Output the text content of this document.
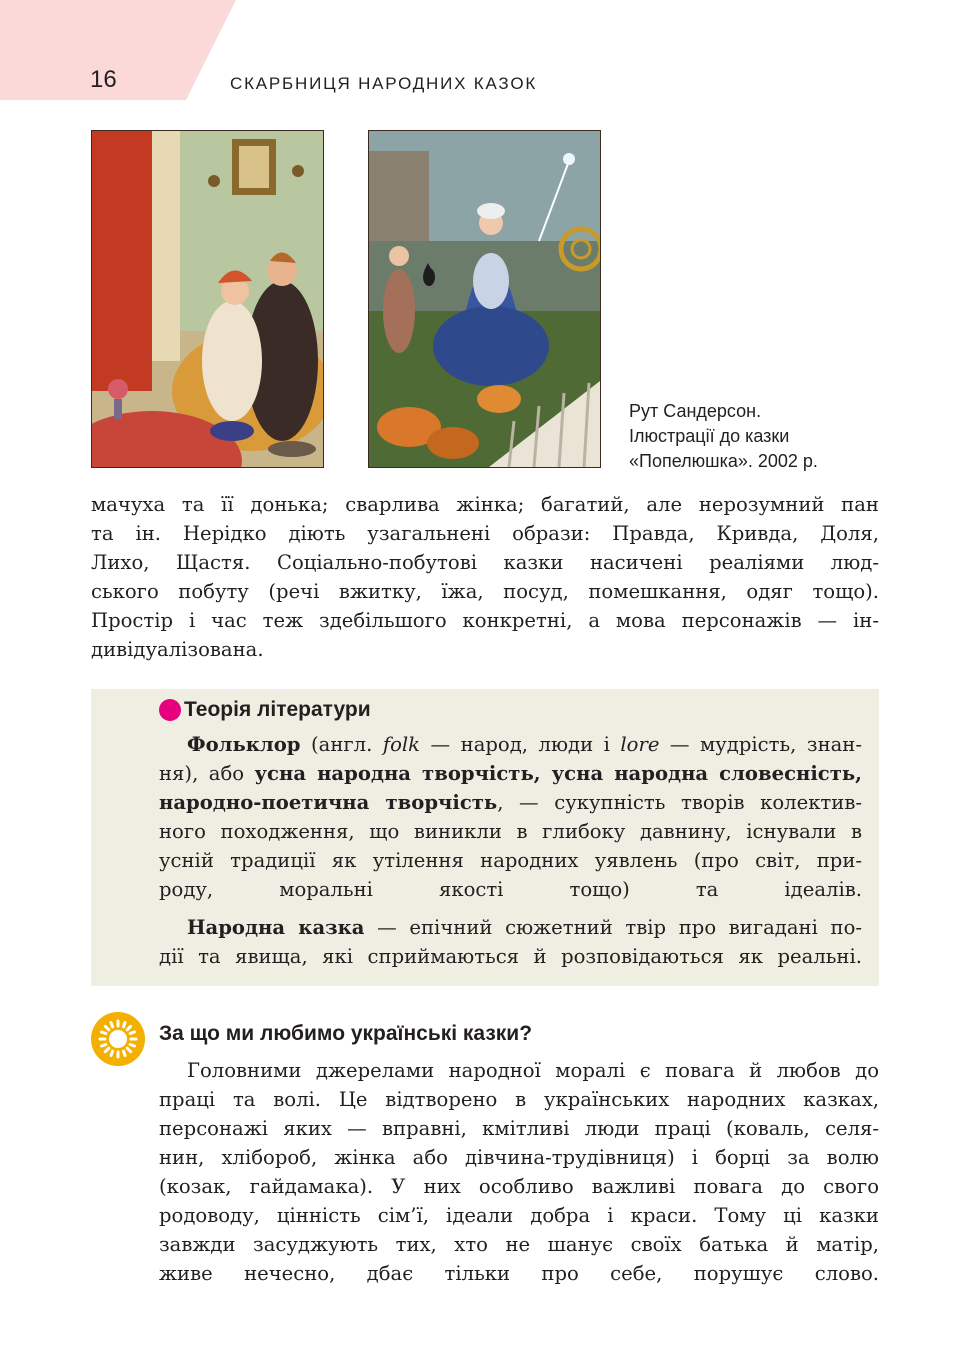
16	СКАРБНИЦЯ НАРОДНИХ КАЗОК
Рут Сандерсон.
Ілюстрації до казки
«Попелюшка». 2002 р.
мачуха та її донька; сварлива жінка; багатий, але нерозумний пан
та ін. Нерідко діють узагальнені образи: Правда, Кривда, Доля,
Лихо, Щастя. Соціально-побутові казки насичені реаліями люд-
ського побуту (речі вжитку, їжа, посуд, помешкання, одяг тощо).
Простір і час теж здебільшого конкретні, а мова персонажів — ін-
дивідуалізована.
Теорія літератури
Фольклор (англ. folk — народ, люди і lore — мудрість, знан-
ня), або усна народна творчість, усна народна словесність,
народно-поетична творчість, — сукупність творів колектив-
ного походження, що виникли в глибоку давнину, існували в
усній традиції як утілення народних уявлень (про світ, при-
роду, моральні якості тощо) та ідеалів.
Народна казка — епічний сюжетний твір про вигадані по-
дії та явища, які сприймаються й розповідаються як реальні.
За що ми любимо українські казки?
Головними джерелами народної моралі є повага й любов до
праці та волі. Це відтворено в українських народних казках,
персонажі яких — вправні, кмітливі люди праці (коваль, селя-
нин, хлібороб, жінка або дівчина-трудівниця) і борці за волю
(козак, гайдамака). У них особливо важливі повага до свого
родоводу, цінність сім’ї, ідеали добра і краси. Тому ці казки
завжди засуджують тих, хто не шанує своїх батька й матір,
живе нечесно, дбає тільки про себе, порушує слово.
